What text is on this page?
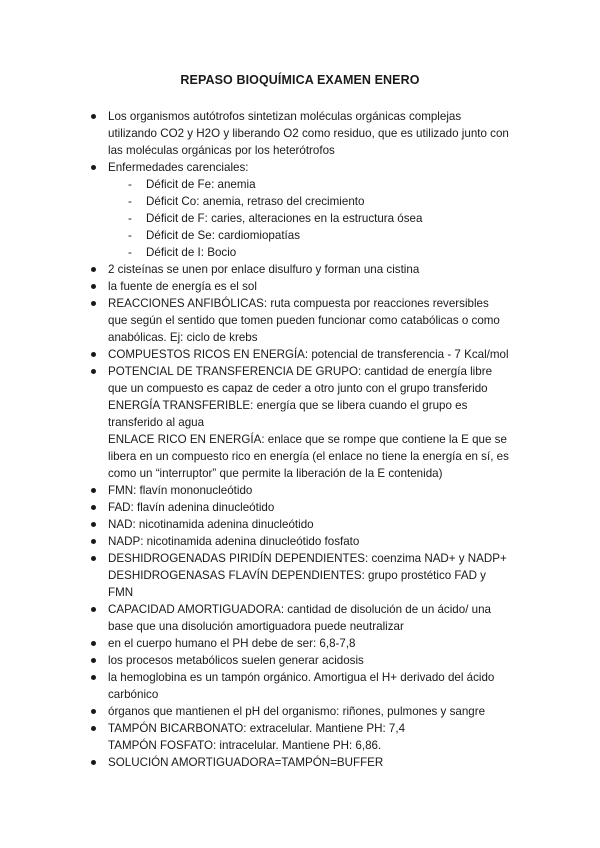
REPASO BIOQUÍMICA EXAMEN ENERO
Los organismos autótrofos sintetizan moléculas orgánicas complejas
utilizando CO2 y H2O y liberando O2 como residuo, que es utilizado junto con
las moléculas orgánicas por los heterótrofos
Enfermedades carenciales:
- Déficit de Fe: anemia
- Déficit Co: anemia, retraso del crecimiento
- Déficit de F: caries, alteraciones en la estructura ósea
- Déficit de Se: cardiomiopatías
- Déficit de I: Bocio
2 cisteínas se unen por enlace disulfuro y forman una cistina
la fuente de energía es el sol
REACCIONES ANFIBÓLICAS: ruta compuesta por reacciones reversibles
que según el sentido que tomen pueden funcionar como catabólicas o como
anabólicas. Ej: ciclo de krebs
COMPUESTOS RICOS EN ENERGÍA: potencial de transferencia - 7 Kcal/mol
POTENCIAL DE TRANSFERENCIA DE GRUPO: cantidad de energía libre
que un compuesto es capaz de ceder a otro junto con el grupo transferido
ENERGÍA TRANSFERIBLE: energía que se libera cuando el grupo es
transferido al agua
ENLACE RICO EN ENERGÍA: enlace que se rompe que contiene la E que se
libera en un compuesto rico en energía (el enlace no tiene la energía en sí, es
como un “interruptor” que permite la liberación de la E contenida)
FMN: flavín mononucleótido
FAD: flavín adenina dinucleótido
NAD: nicotinamida adenina dinucleótido
NADP: nicotinamida adenina dinucleótido fosfato
DESHIDROGENADAS PIRIDÍN DEPENDIENTES: coenzima NAD+ y NADP+
DESHIDROGENASAS FLAVÍN DEPENDIENTES: grupo prostético FAD y
FMN
CAPACIDAD AMORTIGUADORA: cantidad de disolución de un ácido/ una
base que una disolución amortiguadora puede neutralizar
en el cuerpo humano el PH debe de ser: 6,8-7,8
los procesos metabólicos suelen generar acidosis
la hemoglobina es un tampón orgánico. Amortigua el H+ derivado del ácido
carbónico
órganos que mantienen el pH del organismo: riñones, pulmones y sangre
TAMPÓN BICARBONATO: extracelular. Mantiene PH: 7,4
TAMPÓN FOSFATO: intracelular. Mantiene PH: 6,86.
SOLUCIÓN AMORTIGUADORA=TAMPÓN=BUFFER
